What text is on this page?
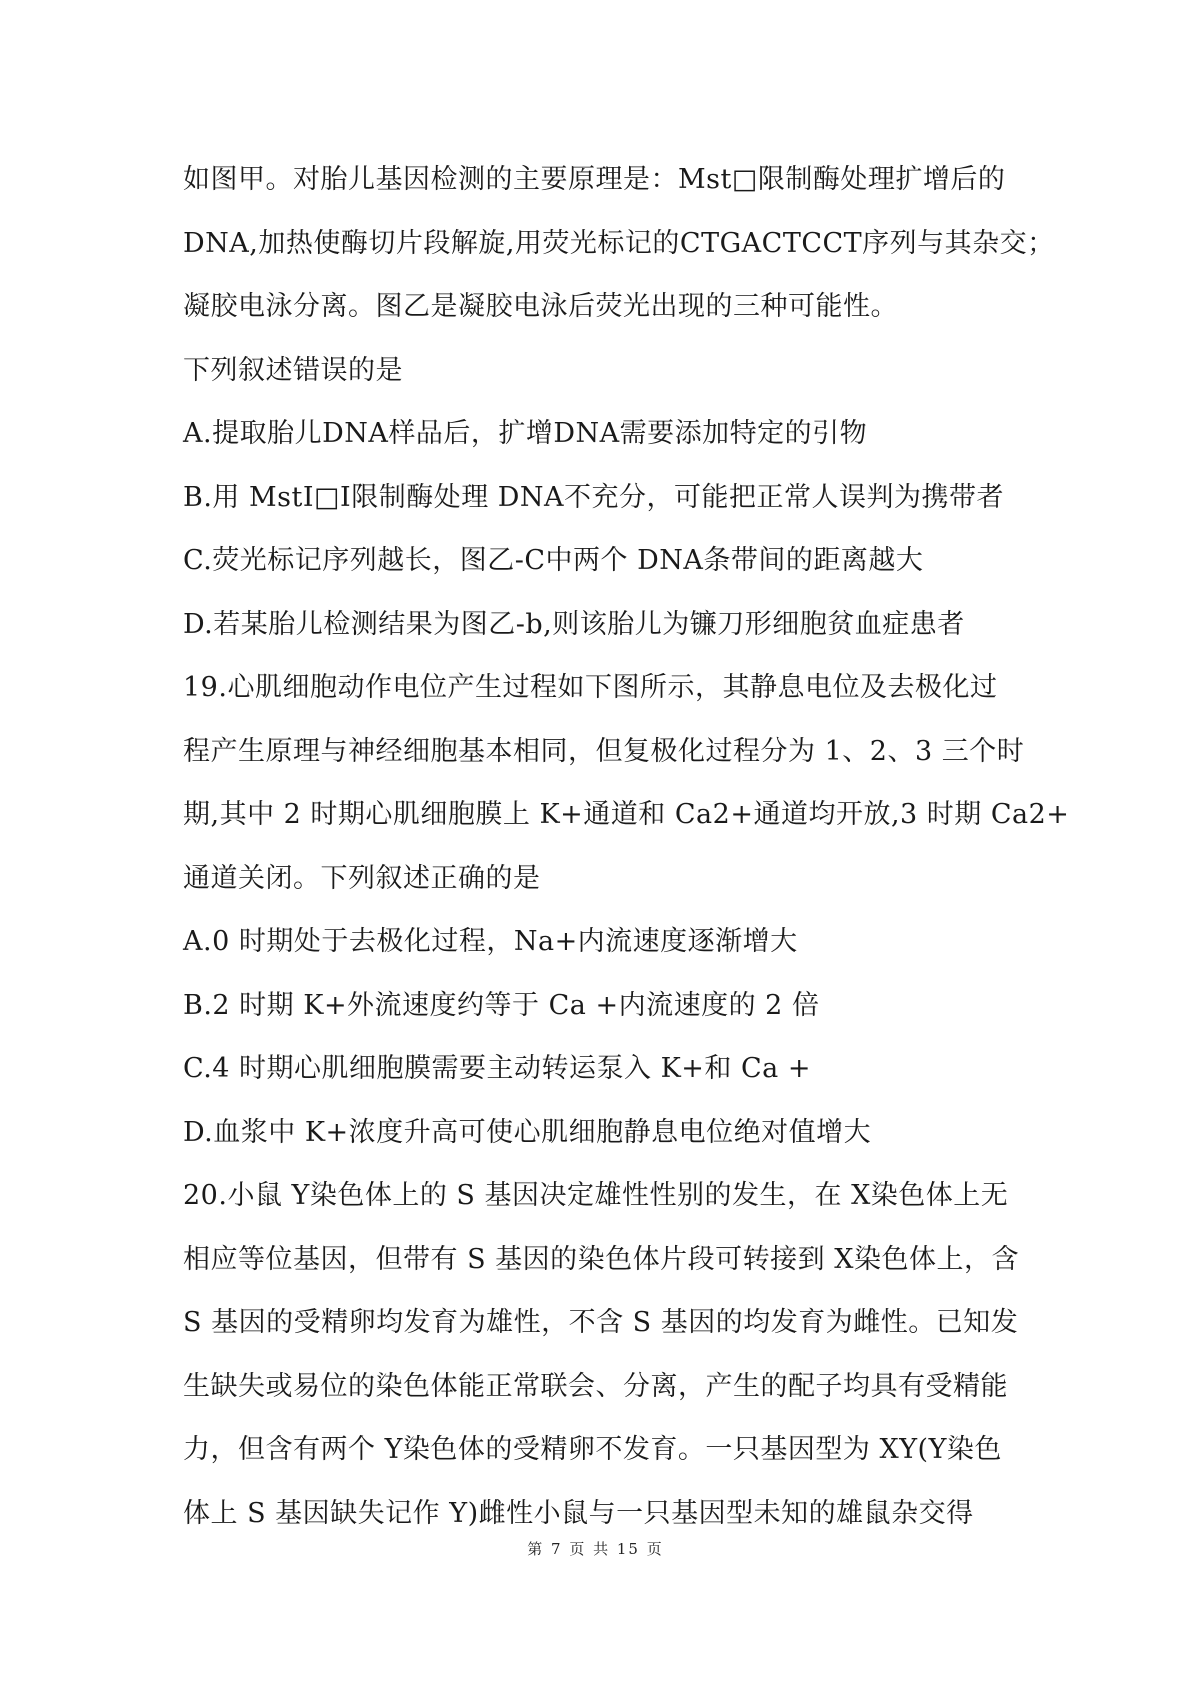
如图甲。对胎儿基因检测的主要原理是：Mst□限制酶处理扩增后的
DNA,加热使酶切片段解旋,用荧光标记的CTGACTCCT序列与其杂交；
凝胶电泳分离。图乙是凝胶电泳后荧光出现的三种可能性。
下列叙述错误的是
A.提取胎儿DNA样品后，扩增DNA需要添加特定的引物
B.用 MstI□I限制酶处理 DNA不充分，可能把正常人误判为携带者
C.荧光标记序列越长，图乙-C中两个 DNA条带间的距离越大
D.若某胎儿检测结果为图乙-b,则该胎儿为镰刀形细胞贫血症患者
19.心肌细胞动作电位产生过程如下图所示，其静息电位及去极化过
程产生原理与神经细胞基本相同，但复极化过程分为 1、2、3 三个时
期,其中 2 时期心肌细胞膜上 K+通道和 Ca2+通道均开放,3 时期 Ca2+
通道关闭。下列叙述正确的是
A.0 时期处于去极化过程，Na+内流速度逐渐增大
B.2 时期 K+外流速度约等于 Ca +内流速度的 2 倍
C.4 时期心肌细胞膜需要主动转运泵入 K+和 Ca +
D.血浆中 K+浓度升高可使心肌细胞静息电位绝对值增大
20.小鼠 Y染色体上的 S 基因决定雄性性别的发生，在 X染色体上无
相应等位基因，但带有 S 基因的染色体片段可转接到 X染色体上，含
S 基因的受精卵均发育为雄性，不含 S 基因的均发育为雌性。已知发
生缺失或易位的染色体能正常联会、分离，产生的配子均具有受精能
力，但含有两个 Y染色体的受精卵不发育。一只基因型为 XY(Y染色
体上 S 基因缺失记作 Y)雌性小鼠与一只基因型未知的雄鼠杂交得
第 7 页 共 15 页
